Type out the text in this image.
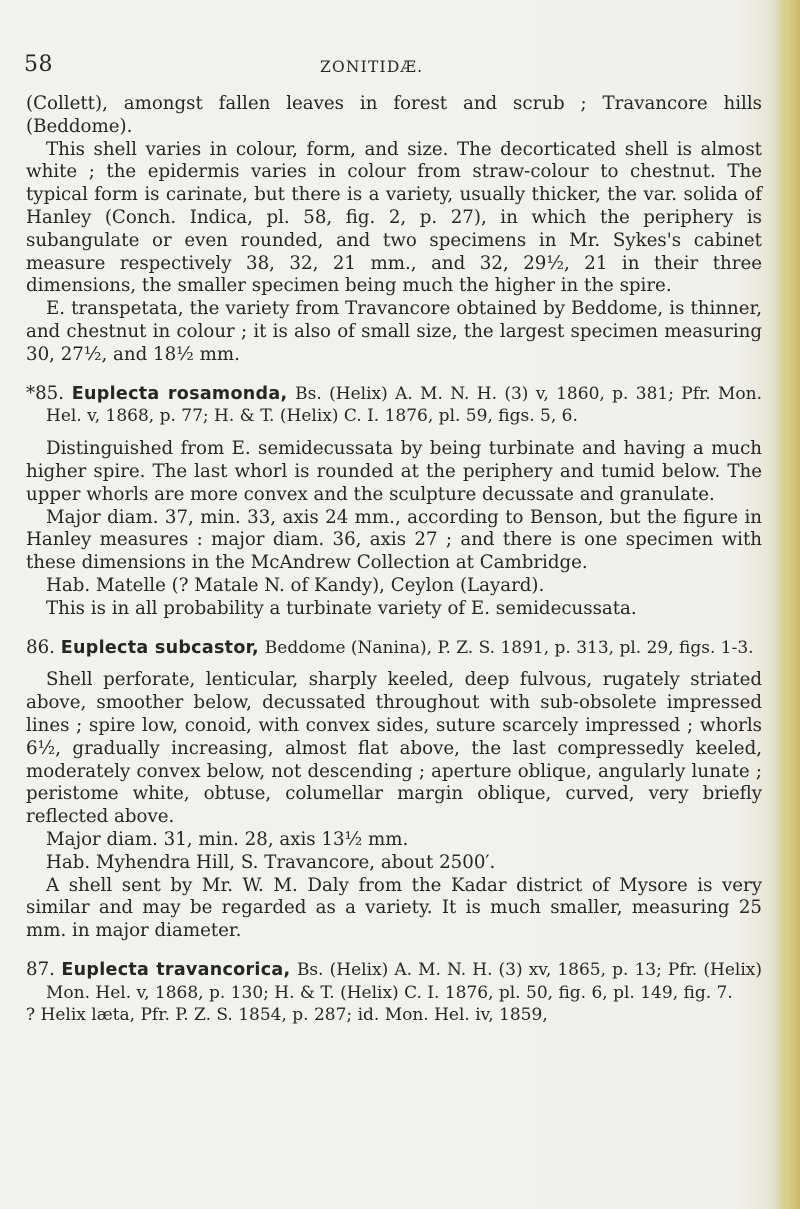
58	ZONITIDÆ.

(Collett), amongst fallen leaves in forest and scrub ; Travancore hills (Beddome).

This shell varies in colour, form, and size. The decorticated shell is almost white ; the epidermis varies in colour from straw-colour to chestnut. The typical form is carinate, but there is a variety, usually thicker, the var. solida of Hanley (Conch. Indica, pl. 58, fig. 2, p. 27), in which the periphery is subangulate or even rounded, and two specimens in Mr. Sykes's cabinet measure respectively 38, 32, 21 mm., and 32, 29½, 21 in their three dimensions, the smaller specimen being much the higher in the spire.

E. transpetata, the variety from Travancore obtained by Beddome, is thinner, and chestnut in colour ; it is also of small size, the largest specimen measuring 30, 27½, and 18½ mm.

*85. Euplecta rosamonda, Bs. (Helix) A. M. N. H. (3) v, 1860, p. 381; Pfr. Mon. Hel. v, 1868, p. 77; H. & T. (Helix) C. I. 1876, pl. 59, figs. 5, 6.

Distinguished from E. semidecussata by being turbinate and having a much higher spire. The last whorl is rounded at the periphery and tumid below. The upper whorls are more convex and the sculpture decussate and granulate.

Major diam. 37, min. 33, axis 24 mm., according to Benson, but the figure in Hanley measures : major diam. 36, axis 27 ; and there is one specimen with these dimensions in the McAndrew Collection at Cambridge.

Hab. Matelle (? Matale N. of Kandy), Ceylon (Layard).

This is in all probability a turbinate variety of E. semidecussata.

86. Euplecta subcastor, Beddome (Nanina), P. Z. S. 1891, p. 313, pl. 29, figs. 1-3.

Shell perforate, lenticular, sharply keeled, deep fulvous, rugately striated above, smoother below, decussated throughout with sub-obsolete impressed lines ; spire low, conoid, with convex sides, suture scarcely impressed ; whorls 6½, gradually increasing, almost flat above, the last compressedly keeled, moderately convex below, not descending ; aperture oblique, angularly lunate ; peristome white, obtuse, columellar margin oblique, curved, very briefly reflected above.

Major diam. 31, min. 28, axis 13½ mm.

Hab. Myhendra Hill, S. Travancore, about 2500′.

A shell sent by Mr. W. M. Daly from the Kadar district of Mysore is very similar and may be regarded as a variety. It is much smaller, measuring 25 mm. in major diameter.

87. Euplecta travancorica, Bs. (Helix) A. M. N. H. (3) xv, 1865, p. 13; Pfr. (Helix) Mon. Hel. v, 1868, p. 130; H. & T. (Helix) C. I. 1876, pl. 50, fig. 6, pl. 149, fig. 7.

? Helix læta, Pfr. P. Z. S. 1854, p. 287; id. Mon. Hel. iv, 1859,
